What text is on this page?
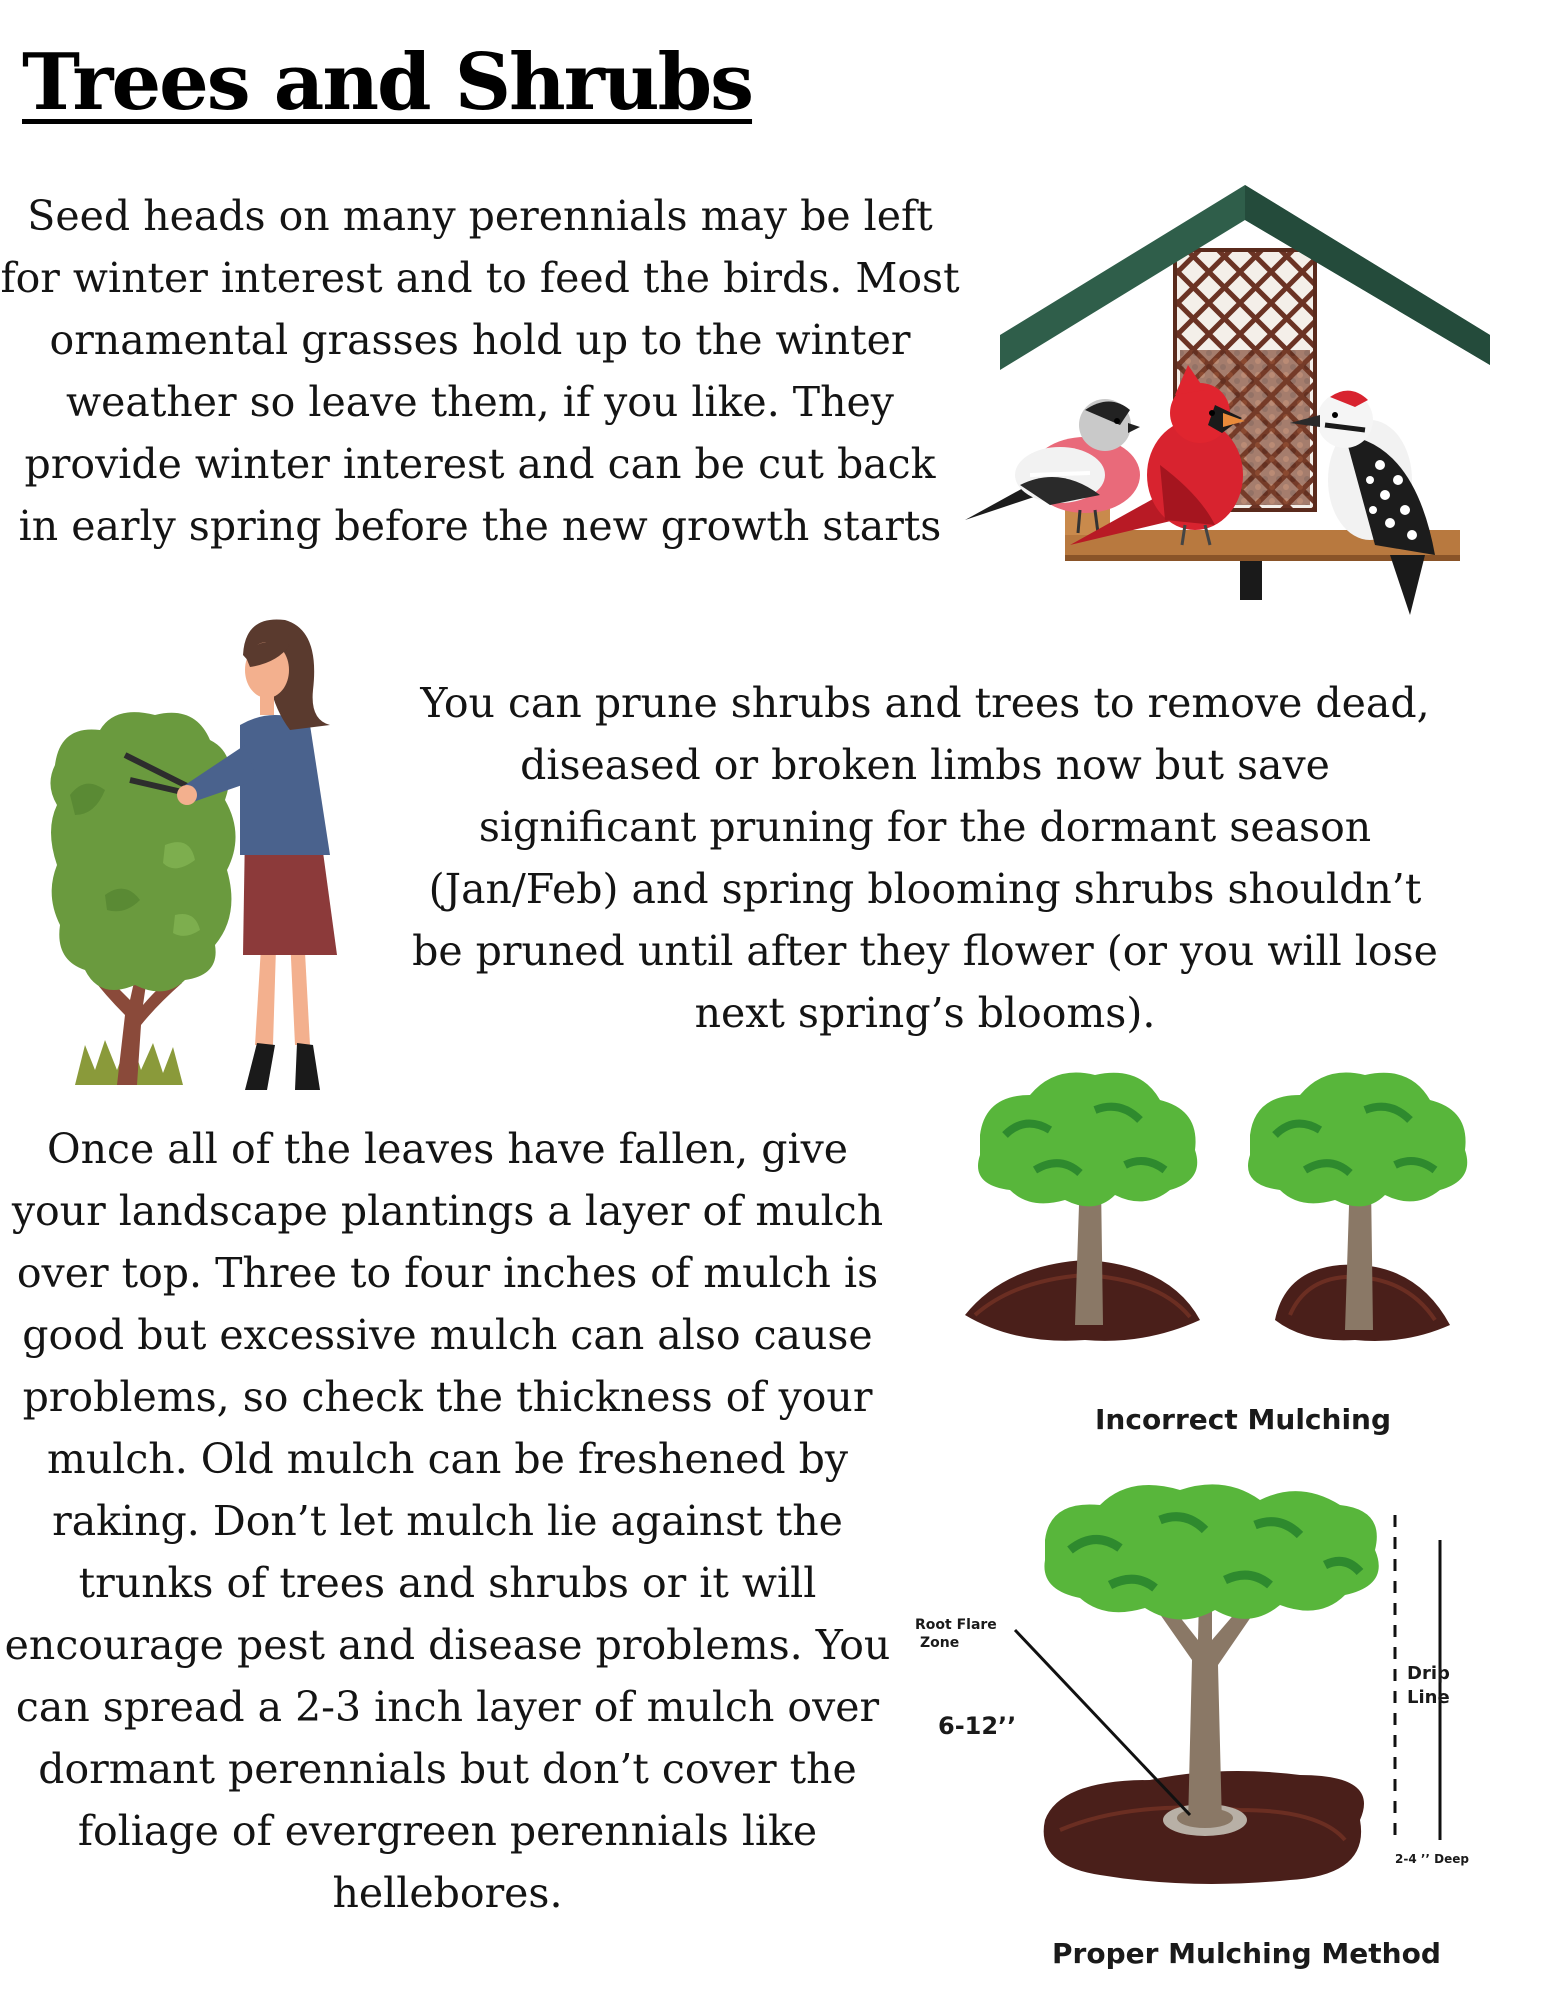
Trees and Shrubs

Seed heads on many perennials may be left for winter interest and to feed the birds. Most ornamental grasses hold up to the winter weather so leave them, if you like. They provide winter interest and can be cut back in early spring before the new growth starts

You can prune shrubs and trees to remove dead, diseased or broken limbs now but save significant pruning for the dormant season (Jan/Feb) and spring blooming shrubs shouldn’t be pruned until after they flower (or you will lose next spring’s blooms).

Once all of the leaves have fallen, give your landscape plantings a layer of mulch over top. Three to four inches of mulch is good but excessive mulch can also cause problems, so check the thickness of your mulch. Old mulch can be freshened by raking. Don’t let mulch lie against the trunks of trees and shrubs or it will encourage pest and disease problems. You can spread a 2-3 inch layer of mulch over dormant perennials but don’t cover the foliage of evergreen perennials like hellebores.

Incorrect Mulching

Root Flare

Zone

6-12’’

Drip

Line

2-4 ’’ Deep

Proper Mulching Method
